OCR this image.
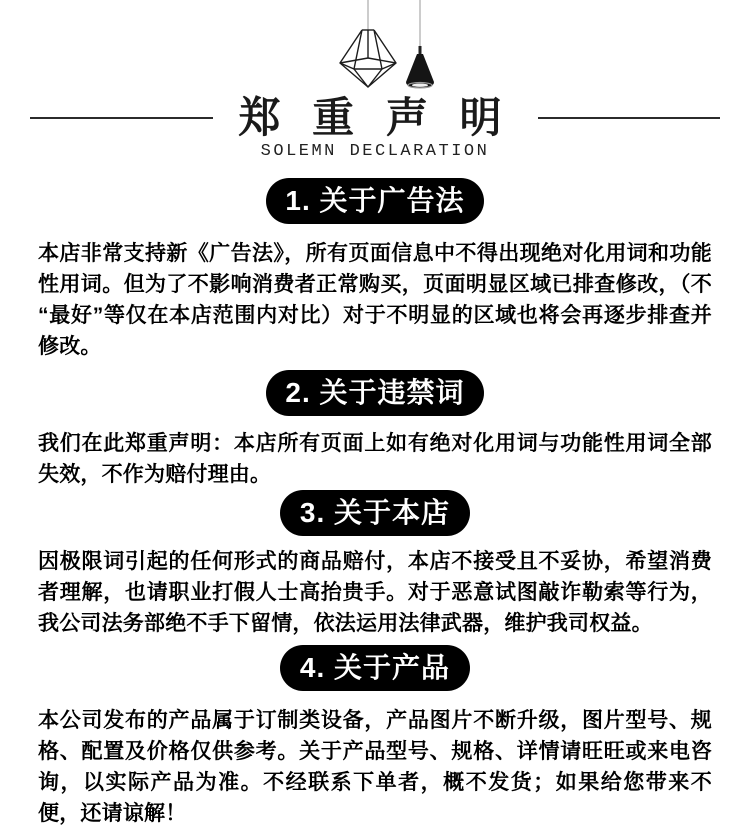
郑 重 声 明
SOLEMN DECLARATION
1. 关于广告法

本店非常支持新《广告法》，所有页面信息中不得出现绝对化用词和功能性用词。但为了不影响消费者正常购买，页面明显区域已排查修改，（不“最好”等仅在本店范围内对比）对于不明显的区域也将会再逐步排查并修改。

2. 关于违禁词

我们在此郑重声明：本店所有页面上如有绝对化用词与功能性用词全部失效，不作为赔付理由。

3. 关于本店

因极限词引起的任何形式的商品赔付，本店不接受且不妥协，希望消费者理解，也请职业打假人士高抬贵手。对于恶意试图敲诈勒索等行为，我公司法务部绝不手下留情，依法运用法律武器，维护我司权益。

4. 关于产品

本公司发布的产品属于订制类设备，产品图片不断升级，图片型号、规格、配置及价格仅供参考。关于产品型号、规格、详情请旺旺或来电咨询，以实际产品为准。不经联系下单者，概不发货；如果给您带来不便，还请谅解！
